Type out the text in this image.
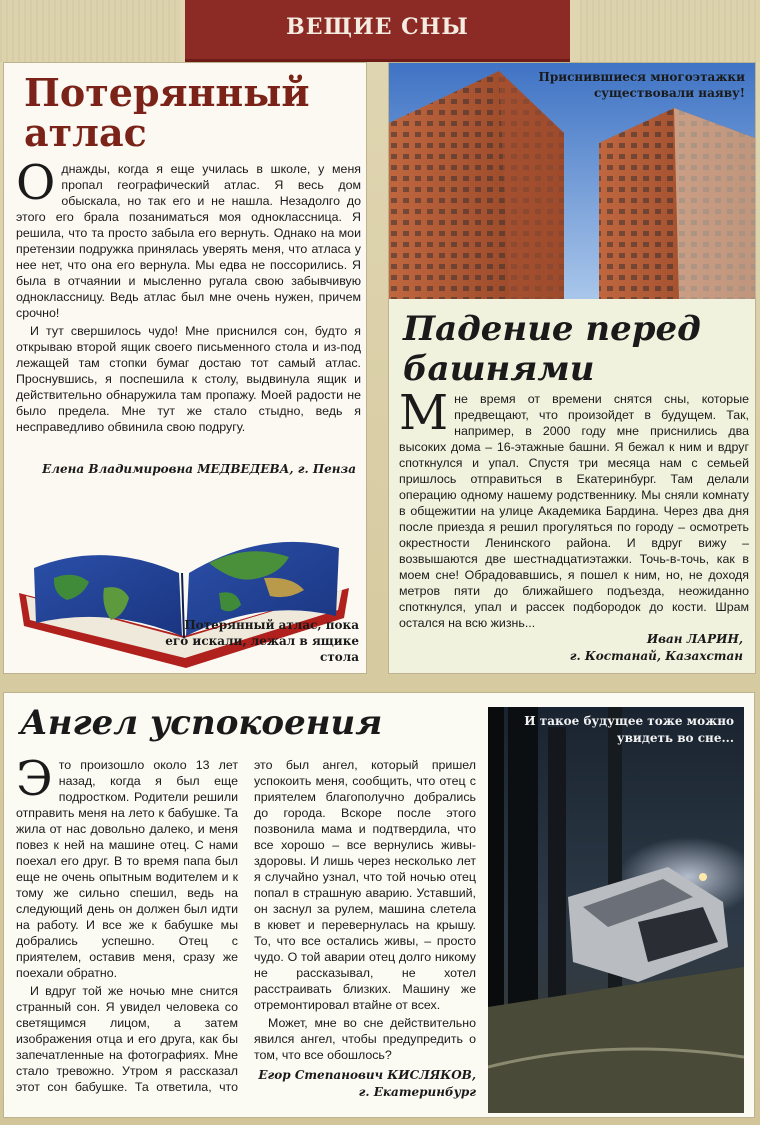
ВЕЩИЕ СНЫ
Потерянный
атлас

Однажды, когда я еще училась в школе, у меня пропал географический атлас. Я весь дом обыскала, но так его и не нашла. Незадолго до этого его брала позаниматься моя одноклассница. Я решила, что та просто забыла его вернуть. Однако на мои претензии подружка принялась уверять меня, что атласа у нее нет, что она его вернула. Мы едва не поссорились. Я была в отчаянии и мысленно ругала свою забывчивую одноклассницу. Ведь атлас был мне очень нужен, причем срочно!

И тут свершилось чудо! Мне приснился сон, будто я открываю второй ящик своего письменного стола и из-под лежащей там стопки бумаг достаю тот самый атлас. Проснувшись, я поспешила к столу, выдвинула ящик и действительно обнаружила там пропажу. Моей радости не было предела. Мне тут же стало стыдно, ведь я несправедливо обвинила свою подругу.

Елена Владимировна МЕДВЕДЕВА, г. Пенза
Потерянный атлас, пока
его искали, лежал в ящике стола
Приснившиеся многоэтажки
существовали наяву!
Падение перед
башнями
Мне время от времени снятся сны, которые предвещают, что произойдет в будущем. Так, например, в 2000 году мне приснились два высоких дома – 16-этажные башни. Я бежал к ним и вдруг споткнулся и упал. Спустя три месяца нам с семьей пришлось отправиться в Екатеринбург. Там делали операцию одному нашему родственнику. Мы сняли комнату в общежитии на улице Академика Бардина. Через два дня после приезда я решил прогуляться по городу – осмотреть окрестности Ленинского района. И вдруг вижу – возвышаются две шестнадцатиэтажки. Точь-в-точь, как в моем сне! Обрадовавшись, я пошел к ним, но, не доходя метров пяти до ближайшего подъезда, неожиданно споткнулся, упал и рассек подбородок до кости. Шрам остался на всю жизнь...
Иван ЛАРИН,
г. Костанай, Казахстан
Ангел успокоения

Это произошло около 13 лет назад, когда я был еще подростком. Родители решили отправить меня на лето к бабушке. Та жила от нас довольно далеко, и меня повез к ней на машине отец. С нами поехал его друг. В то время папа был еще не очень опытным водителем и к тому же сильно спешил, ведь на следующий день он должен был идти на работу. И все же к бабушке мы добрались успешно. Отец с приятелем, оставив меня, сразу же поехали обратно.

И вдруг той же ночью мне снится странный сон. Я увидел человека со светящимся лицом, а затем изображения отца и его друга, как бы запечатленные на фотографиях. Мне стало тревожно. Утром я рассказал этот сон бабушке. Та ответила, что это был ангел, который пришел успокоить меня, сообщить, что отец с приятелем благополучно добрались до города. Вскоре после этого позвонила мама и подтвердила, что все хорошо – все вернулись живы-здоровы. И лишь через несколько лет я случайно узнал, что той ночью отец попал в страшную аварию. Уставший, он заснул за рулем, машина слетела в кювет и перевернулась на крышу. То, что все остались живы, – просто чудо. О той аварии отец долго никому не рассказывал, не хотел расстраивать близких. Машину же отремонтировал втайне от всех.

Может, мне во сне действительно явился ангел, чтобы предупредить о том, что все обошлось?

Егор Степанович КИСЛЯКОВ,
г. Екатеринбург
И такое будущее тоже можно
увидеть во сне...
